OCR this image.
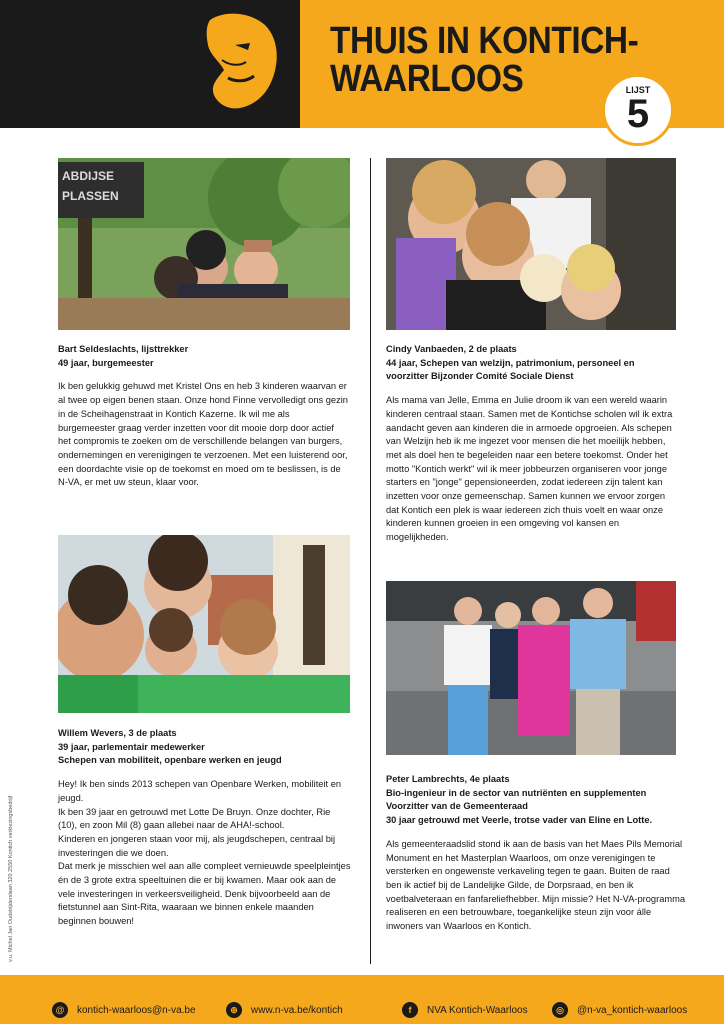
THUIS IN KONTICH-
WAARLOOS	LIJST
5
ABDIJSE
PLASSEN
Bart Seldeslachts, lijsttrekker
49 jaar, burgemeester

Ik ben gelukkig gehuwd met Kristel Ons en heb 3 kinderen waarvan er al twee op eigen benen staan. Onze hond Finne vervolledigt ons gezin in de Scheihagenstraat in Kontich Kazerne. Ik wil me als burgemeester graag verder inzetten voor dit mooie dorp door actief het compromis te zoeken om de verschillende belangen van burgers, ondernemingen en verenigingen te verzoenen. Met een luisterend oor, een doordachte visie op de toekomst en moed om te beslissen, is de N-VA, er met uw steun, klaar voor.

Willem Wevers, 3 de plaats
39 jaar, parlementair medewerker
Schepen van mobiliteit, openbare werken en jeugd

Hey! Ik ben sinds 2013 schepen van Openbare Werken, mobiliteit en jeugd.

Ik ben 39 jaar en getrouwd met Lotte De Bruyn. Onze dochter, Rie (10), en zoon Mil (8) gaan allebei naar de AHA!-school.

Kinderen en jongeren staan voor mij, als jeugdschepen, centraal bij investeringen die we doen.

Dat merk je misschien wel aan alle compleet vernieuwde speelpleintjes én de 3 grote extra speeltuinen die er bij kwamen. Maar ook aan de vele investeringen in verkeersveiligheid. Denk bijvoorbeeld aan de fietstunnel aan Sint-Rita, waaraan we binnen enkele maanden beginnen bouwen!

Cindy Vanbaeden, 2 de plaats
44 jaar, Schepen van welzijn, patrimonium, personeel en voorzitter Bijzonder Comité Sociale Dienst

Als mama van Jelle, Emma en Julie droom ik van een wereld waarin kinderen centraal staan. Samen met de Kontichse scholen wil ik extra aandacht geven aan kinderen die in armoede opgroeien. Als schepen van Welzijn heb ik me ingezet voor mensen die het moeilijk hebben, met als doel hen te begeleiden naar een betere toekomst. Onder het motto "Kontich werkt" wil ik meer jobbeurzen organiseren voor jonge starters en "jonge" gepensioneerden, zodat iedereen zijn talent kan inzetten voor onze gemeenschap. Samen kunnen we ervoor zorgen dat Kontich een plek is waar iedereen zich thuis voelt en waar onze kinderen kunnen groeien in een omgeving vol kansen en mogelijkheden.

Peter Lambrechts, 4e plaats
Bio-ingenieur in de sector van nutriënten en supplementen
Voorzitter van de Gemeenteraad
30 jaar getrouwd met Veerle, trotse vader van Eline en Lotte.

Als gemeenteraadslid stond ik aan de basis van het Maes Pils Memorial Monument en het Masterplan Waarloos, om onze verenigingen te versterken en ongewenste verkaveling tegen te gaan. Buiten de raad ben ik actief bij de Landelijke Gilde, de Dorpsraad, en ben ik voetbalveteraan en fanfareliefhebber. Mijn missie? Het N-VA-programma realiseren en een betrouwbare, toegankelijke steun zijn voor álle inwoners van Waarloos en Kontich.

v.u. Michel Jan Oudstrijderslaan 320 2550 Kontich verkiezingsbedrijf
@	kontich-waarloos@n-va.be	⊕	www.n-va.be/kontich	f	NVA Kontich-Waarloos	◎	@n-va_kontich-waarloos
